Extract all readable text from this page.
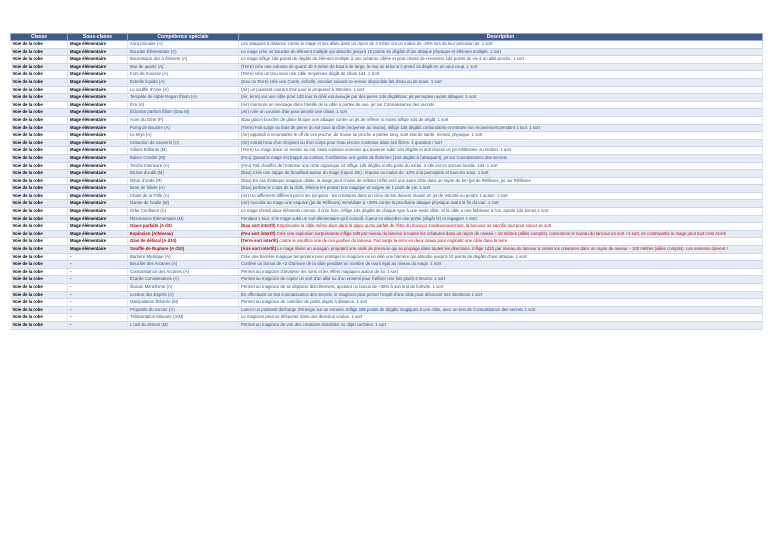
Classe	Sous-classe	Compétence spéciale	Description
Voie de la robe	Mage élémentaire	Aura primaire (A)	Les attaques à distance contre le mage et ses alliés dans un rayon de 3 mètre ont un malus de -20% lors de leur précision jet. 1 sort
Voie de la robe	Mage élémentaire	Bouclier Élémentaire (A)	Le mage crée un bouclier de élément multiple qui absorbe jusqu'à 10 points de dégâts d'une attaque physique et élément multiple. 1 sort
Voie de la robe	Mage élémentaire	Bourrasque des 4 élément (A)	Le mage inflige 1d6 points de dégâts de élément multiple à une créature ciblée et peut choisir de renverser 1d4 points de vie à un allié proche. 1 sort
Voie de la robe	Mage élémentaire	Mur de quartz (A)	(Terre) crée une colonne de quartz de 3 mètre de haut 6 de large, le mur se brise si il prend 15 dégât en un seul coup. 1 sort
Voie de la robe	Mage élémentaire	Forn de mousse (A)	(Terre) crée un trou sous une cible moyennes dégât de chute 1d4. 1 Sort
Voie de la robe	Mage élémentaire	Échelle liquide (A)	(Eau ou Terre) crée une Corde, échelle, escalier suivant ce envoie disponible fait d'eau ou de boue. 1 sort
Voie de la robe	Mage élémentaire	Le souffle d'Azer (A)	(Air) un puissant courant d'air pour le propulser à 30mètre. 1 sort
Voie de la robe	Mage élémentaire	Tempête de sable Ragon Éliom (A)	(Air, terre) sur une cible pour 1d3 tour la cible est aveuglé par des pierre 1d4 dégât/tour, jet perception avant attaquer. 1 sort
Voie de la robe	Mage élémentaire	Écu (A)	(Air) murmure un message dans l'oreille de la cible à portée de vue, jet sur Connaissance des secrets
Voie de la robe	Mage élémentaire	Éclosion parfum Éliom (Eau M)	(Air) crée un coussin d'air pour amortir une chute. 1 sort
Voie de la robe	Mage élémentaire	Acier du Gém (P)	(Eau glace) bouclier de glace bloque une attaque contre un jet de réflexe si reussi inflige 1d4 de dégât. 1 sort
Voie de la robe	Mage élémentaire	Poing de Boustre (A)	(Terre) Fait surgir un bras de pierre du sol sous la cible (moyenne au moins), inflige 1d6 dégâts contondants et entrave son mouvement pendant 1 tour. 1 sort
Voie de la robe	Mage élémentaire	Le M'ys (A)	(Air) apparaît à reconnaître le off de ces proche, de trouve se proche a portée long, sont état de santé, mental, physique. 1 sort
Voie de la robe	Mage élémentaire	extraction de souvenir (A)	(Air) extrait l'eau d'un récipient ou d'un corps pour l'eau encore contenue dans ses fibres. 1 question / sort
Voie de la robe	Mage élémentaire	Sillons Brillants (M)	(Terre) Le mage trace un sentier au sol, toute créature ennemie qui traverse subit 1d4 dégâts et doit réussir un jet Athlétisme ou tomber. 1 sort
Voie de la robe	Mage élémentaire	Baiser Cendré (M)	(Feu) Quand le mage est frappé au contact, il enflamme une gerbe de flammes (1d4 dégâts à l'attaquant), jet sur Connaissance des secrets
Voie de la robe	Mage élémentaire	Torche Intérieure (A)	(Feu) Fait chauffer de l'intérieur une cible organique 1d ïnflige 1d6 dégâts si elle porte du métal, 3 elle est en armure lourde. 1d4. 1 sort
Voie de la robe	Mage élémentaire	Brume d'oubli (M)	(Eau) Crée une nappe de brouillard autour du mage (rayon 3m) : impose un malus de -10% à la perception et tous les sous. 1 sort
Voie de la robe	Mage élémentaire	Miroir d'onde (R)	(Eau) En cas d'attaque magique ciblée, la mage peut choisir de refléter l'effet vers une autre cible dans un rayon de 5m (jet de Réflexes, jet sur Réflexes
Voie de la robe	Mage élémentaire	lame de foliole (A)	(Eau) perfore le corps de la cible, élimine les poison non magique et soigne de 1 point de vie. 1 sort
Voie de la robe	Mage élémentaire	Chant de la Trille (A)	(Air) Un sifflement différent perce les tympans : les créatures dans un cône de 6m doivent réussir un jet de Volonté ou perdre 1 action. 1 sort
Voie de la robe	Mage élémentaire	Danse de l'Isalie (M)	(Air) Accorde au mage une esquive (jet de Réflexes) immédiate à +20% contre la prochaine attaque physique avant la fin du tour. 1 sort
Voie de la robe	Mage élémentaire	Orbe Confluent (A)	Le mage choisit deux éléments connus. Il crée fuse, inflige 1d4 dégâts de chaque type à une seule cible. Si la cible a une faiblesse à l'un, ajoute 1d2 bonus 1 sort
Voie de la robe	Mage élémentaire	Résonance Élémentaire (M)	Pendant 1 tour, si le mage subit un sort élémentaire qu'il connaît, il peut en absorber une portie (dégât /2) et regagner 1 Sort.
Voie de la robe	Mage élémentaire	Glace parfaite (A d3)	(Eau sort intertît) Emprisonne la cible même dure dans la glace qu'au parfait de l'être du bocuvor inodieusnuvernent, la bocuvor se sacrifie tout pour sincer se sort
Voie de la robe	Mage élémentaire	Explosion (A/Niveau)	(Feu sort intertît) Crée une explosion surpuissante inflige 1d8 par niveau du lanceur à toutes les créatures dans un rayon de niveau ÷ 10 mètres (alliés compris), consomme le niveau du lanceur en sort +1 sort, en contrepartie le mage peut tout c'est Acèrh
Voie de la robe	Mage élémentaire	Glas de défaral (A d10)	(Terre sort intertît) contre le sacrifice une de ces jambes du lanceur. Fait surgir la terre en deux ceaux pour engloutir une cible dans la terre
Voie de la robe	Mage élémentaire	Souffle de Rupture (A d10)	(Aire sort intertît) Le mage libère un ouragan, projetant une onde de pression qui se propage dans toutes les directions. Inflige 1d10 par niveau du lanceur à toutes les créatures dans un rayon de niveau ÷ 100 mètres (alliés compris). Les ennemis doivent r
Voie de la robe	-	Barrière Mystique (A)	Crée une barrière magique temporaire pour protéger le magicien ou un allié une barrière qui absorbe jusqu'à 10 points de dégâts d'une attaque. 1 sort
Voie de la robe	-	Bouclier des Arcanes (A)	Confère un bonus de +2 d'armure de la cible pendant un nombre de tours égal au niveau du mage. 1 sort
Voie de la robe	-	Connaissance des Arcanes (A)	Permet au magicien d'analyser les sorts et les effets magiques autour de lui. 1 sort
Voie de la robe	-	Écarde Connaissance (A)	Permet au magicien de copier un sort d'un allié ou d'un ennemi pour l'utiliser une fois plutôt 3 heures. 1 sort
Voie de la robe	-	Illusion Mimétisme (A)	Permet au magicien de se déplacer discrètement, ajoutant un bonus de +30% à son test de furtivité. 1 sort
Voie de la robe	-	Lecteur des Esprits (A)	En effectuant un test Connaissance des secrets, le magicien peut percer l'esprit d'une cible pour découvrir ses intentions 1 sort
Voie de la robe	-	Manipulation Éthérée (M)	Permet au magicien de contrôler de petits objets à distance. 1 sort
Voie de la robe	-	Projectile du sorcier (A)	Lancer un puissant décharge d'énergie sur un ennemi. Inflige 2d6 points de dégâts magiques à une cible, avec un test de Connaissance des secrets 1 sort
Voie de la robe	-	Téléportation Mineure (A/M)	Le magicien peut se téléporter dans une direction voulue. 1 sort
Voie de la robe	-	L'oeil du démon (M)	Permet au magicien de voir des créatures invisibles ou objet cachées. 1 sort
